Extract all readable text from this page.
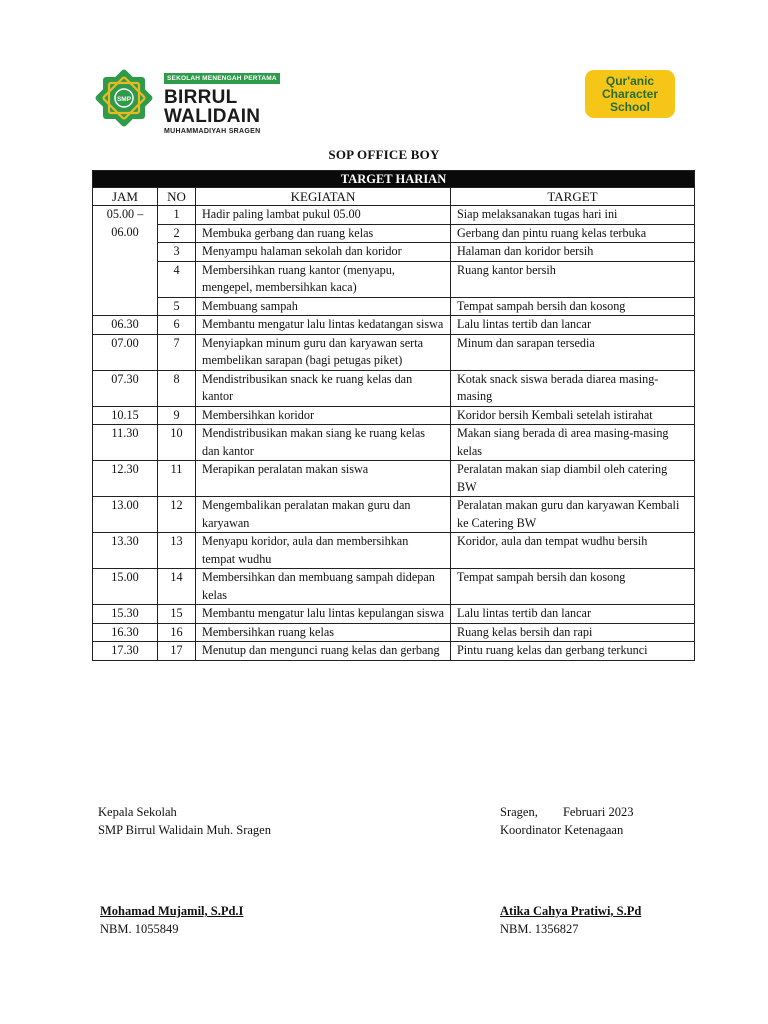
SMP
SEKOLAH MENENGAH PERTAMA
BIRRUL
WALIDAIN
MUHAMMADIYAH SRAGEN
Qur'anic
Character
School
SOP OFFICE BOY
TARGET HARIAN			
JAM	NO	KEGIATAN	TARGET
05.00 – 06.00	1	Hadir paling lambat pukul 05.00	Siap melaksanakan tugas hari ini
	2	Membuka gerbang dan ruang kelas	Gerbang dan pintu ruang kelas terbuka
	3	Menyampu halaman sekolah dan koridor	Halaman dan koridor bersih
	4	Membersihkan ruang kantor (menyapu, mengepel, membersihkan kaca)	Ruang kantor bersih
	5	Membuang sampah	Tempat sampah bersih dan kosong
06.30	6	Membantu mengatur lalu lintas kedatangan siswa	Lalu lintas tertib dan lancar
07.00	7	Menyiapkan minum guru dan karyawan serta membelikan sarapan (bagi petugas piket)	Minum dan sarapan tersedia
07.30	8	Mendistribusikan snack ke ruang kelas dan kantor	Kotak snack siswa berada diarea masing-masing
10.15	9	Membersihkan koridor	Koridor bersih Kembali setelah istirahat
11.30	10	Mendistribusikan makan siang ke ruang kelas dan kantor	Makan siang berada di area masing-masing kelas
12.30	11	Merapikan peralatan makan siswa	Peralatan makan siap diambil oleh catering BW
13.00	12	Mengembalikan peralatan makan guru dan karyawan	Peralatan makan guru dan karyawan Kembali ke Catering BW
13.30	13	Menyapu koridor, aula dan membersihkan tempat wudhu	Koridor, aula dan tempat wudhu bersih
15.00	14	Membersihkan dan membuang sampah didepan kelas	Tempat sampah bersih dan kosong
15.30	15	Membantu mengatur lalu lintas kepulangan siswa	Lalu lintas tertib dan lancar
16.30	16	Membersihkan ruang kelas	Ruang kelas bersih dan rapi
17.30	17	Menutup dan mengunci ruang kelas dan gerbang	Pintu ruang kelas dan gerbang terkunci
Kepala Sekolah
SMP Birrul Walidain Muh. Sragen
Mohamad Mujamil, S.Pd.I
NBM. 1055849
Sragen, Februari 2023
Koordinator Ketenagaan
Atika Cahya Pratiwi, S.Pd
NBM. 1356827
